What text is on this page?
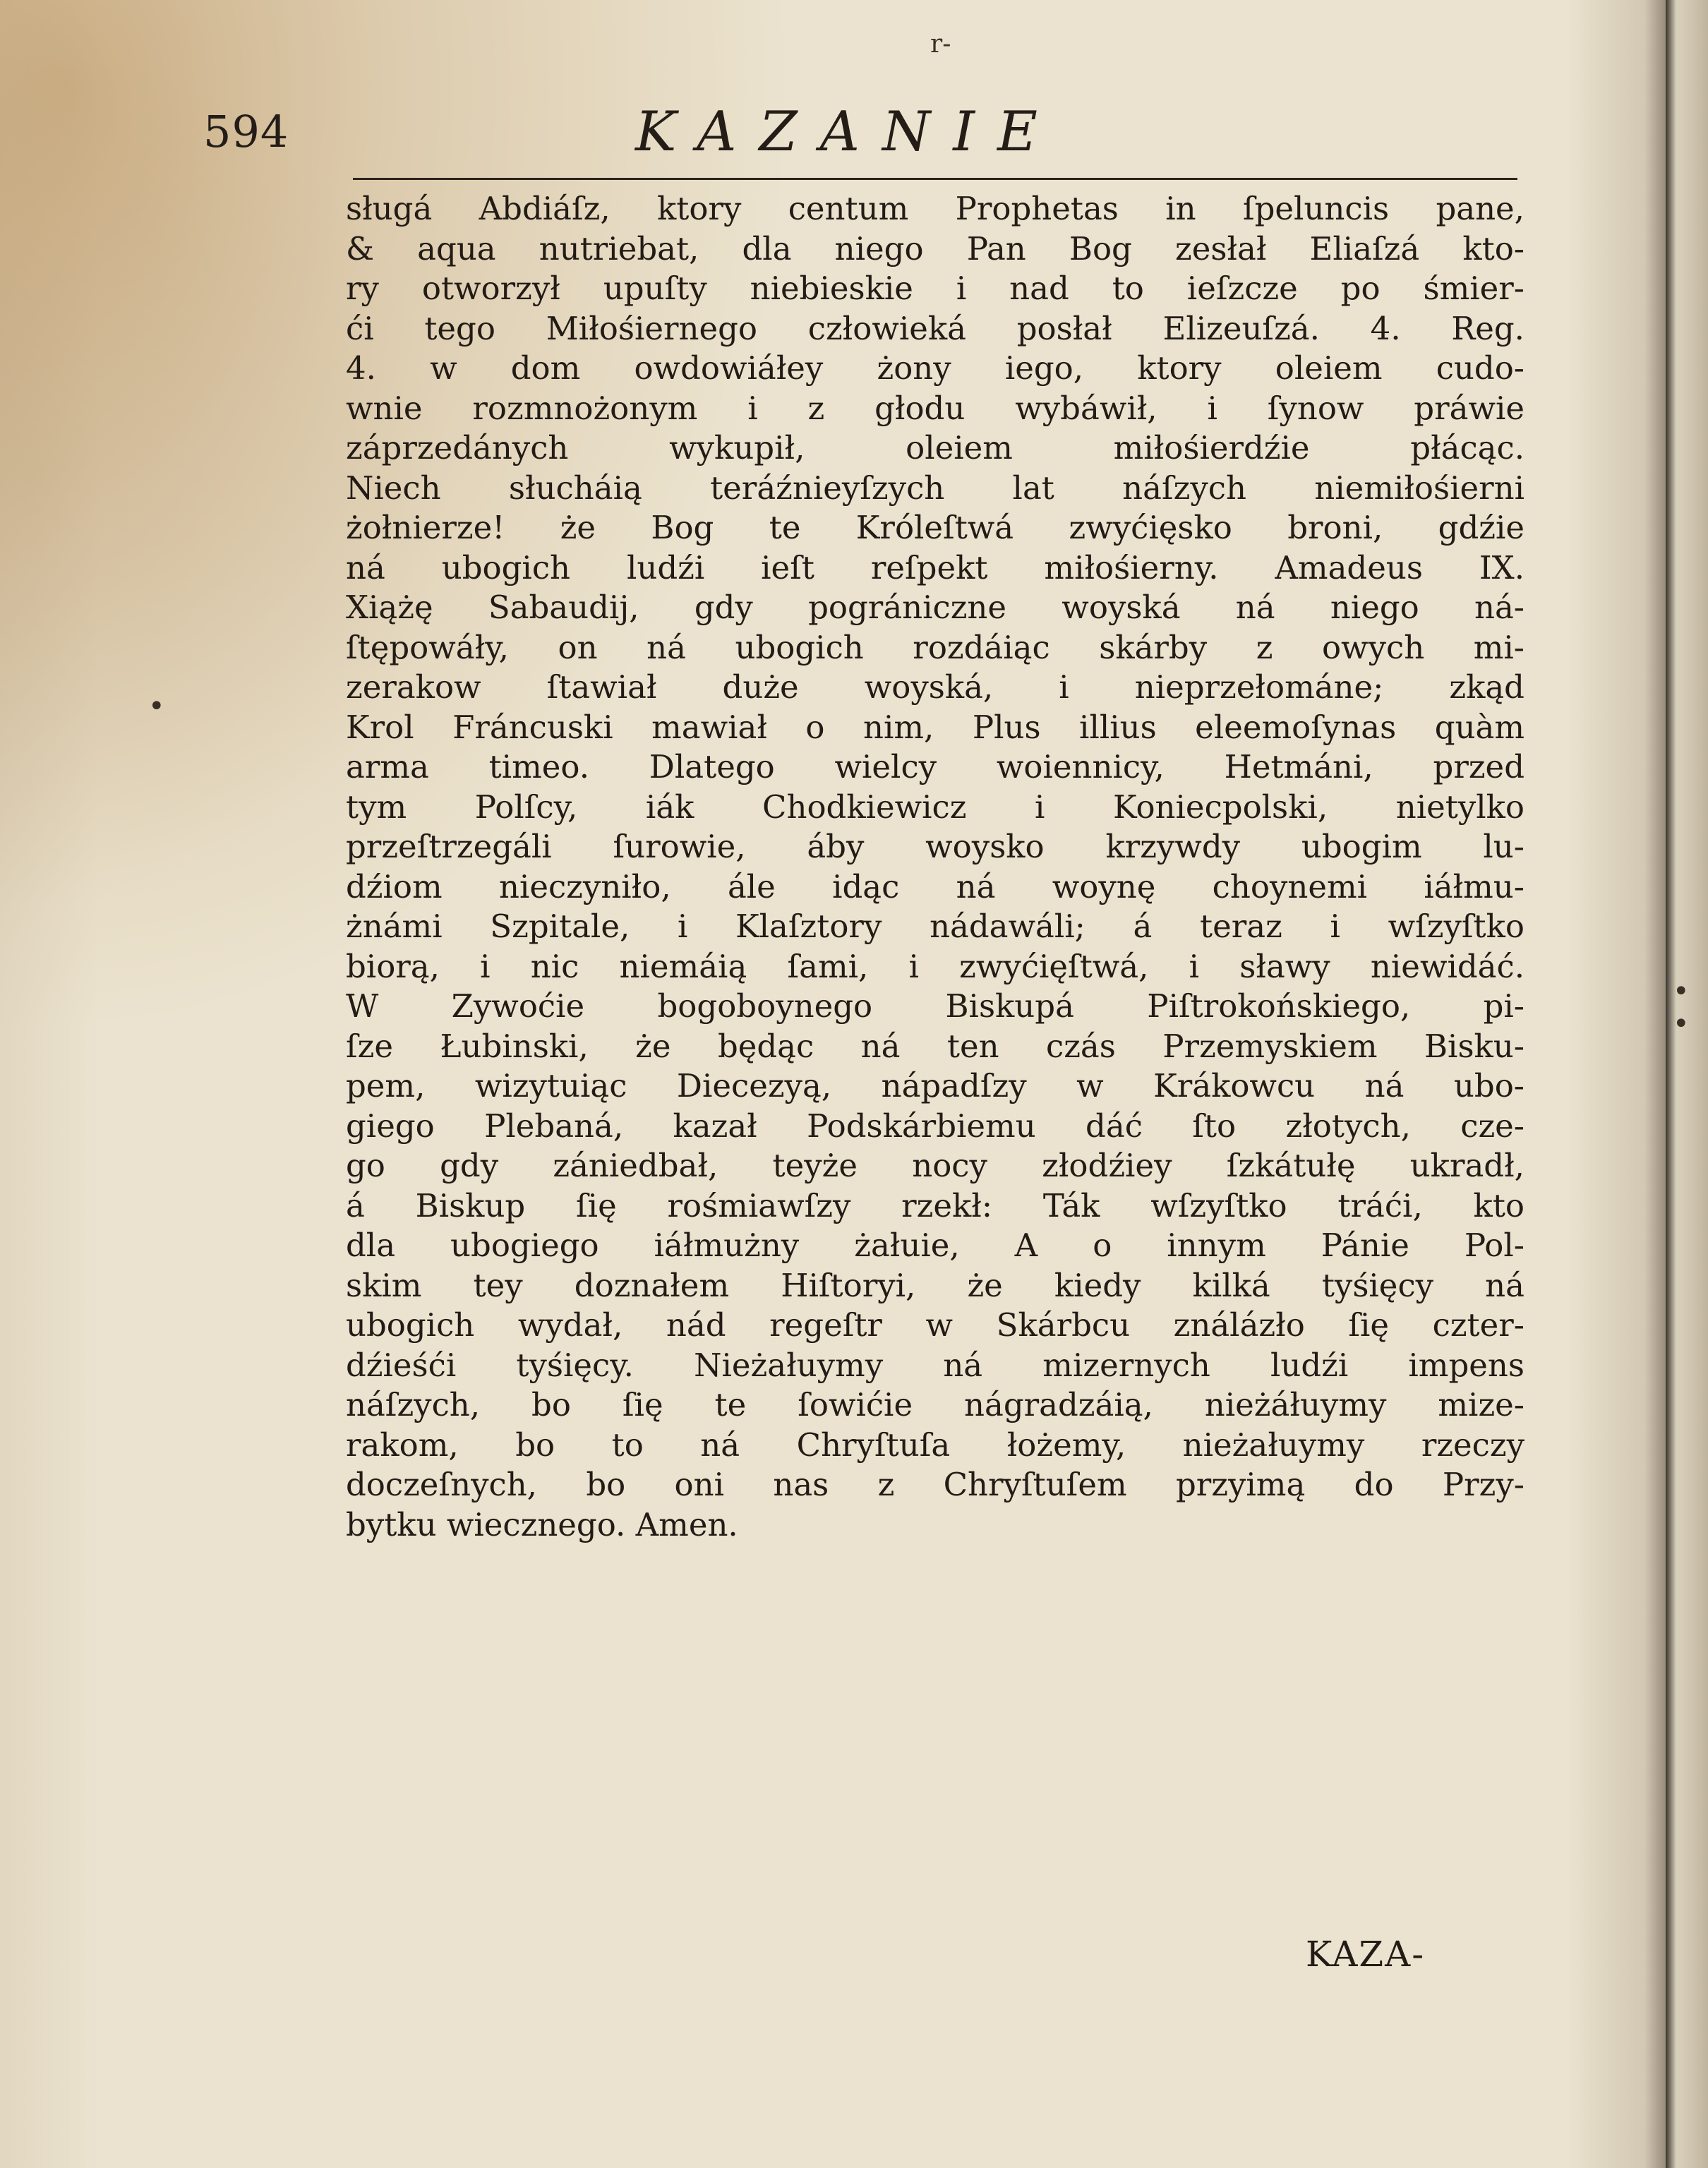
r-
594	KAZANIE
•
sługá Abdiáſz, ktory centum Prophetas in ſpeluncis pane,
& aqua nutriebat, dla niego Pan Bog zesłał Eliaſzá kto-
ry otworzył upuſty niebieskie i nad to ieſzcze po śmier-
ći tego Miłośiernego człowieká posłał Elizeuſzá. 4. Reg.
4. w dom owdowiáłey żony iego, ktory oleiem cudo-
wnie rozmnożonym i z głodu wybáwił, i ſynow práwie
záprzedánych wykupił, oleiem miłośierdźie płácąc.
Niech słucháią teráźnieyſzych lat náſzych niemiłośierni
żołnierze! że Bog te Króleſtwá zwyćięsko broni, gdźie
ná ubogich ludźi ieſt reſpekt miłośierny. Amadeus IX.
Xiążę Sabaudij, gdy pográniczne woyská ná niego ná-
ſtępowáły, on ná ubogich rozdáiąc skárby z owych mi-
zerakow ſtawiał duże woyská, i nieprzełománe; zkąd
Krol Fráncuski mawiał o nim, Plus illius eleemoſynas quàm
arma timeo. Dlatego wielcy woiennicy, Hetmáni, przed
tym Polſcy, iák Chodkiewicz i Koniecpolski, nietylko
przeſtrzegáli ſurowie, áby woysko krzywdy ubogim lu-
dźiom nieczyniło, ále idąc ná woynę choynemi iáłmu-
żnámi Szpitale, i Klaſztory nádawáli; á teraz i wſzyſtko
biorą, i nic niemáią ſami, i zwyćięſtwá, i sławy niewidáć.
W Zywoćie bogoboynego Biskupá Piſtrokońskiego, pi-
ſze Łubinski, że będąc ná ten czás Przemyskiem Bisku-
pem, wizytuiąc Diecezyą, nápadſzy w Krákowcu ná ubo-
giego Plebaná, kazał Podskárbiemu dáć ſto złotych, cze-
go gdy zániedbał, teyże nocy złodźiey ſzkátułę ukradł,
á Biskup ſię rośmiawſzy rzekł: Ták wſzyſtko tráći, kto
dla ubogiego iáłmużny żałuie, A o innym Pánie Pol-
skim tey doznałem Hiſtoryi, że kiedy kilká tyśięcy ná
ubogich wydał, nád regeſtr w Skárbcu ználázło ſię czter-
dźieśći tyśięcy. Nieżałuymy ná mizernych ludźi impens
náſzych, bo ſię te ſowićie nágradzáią, nieżáłuymy mize-
rakom, bo to ná Chryſtuſa łożemy, nieżałuymy rzeczy
doczeſnych, bo oni nas z Chryſtuſem przyimą do Przy-
bytku wiecznego. Amen.
KAZA-
• •
